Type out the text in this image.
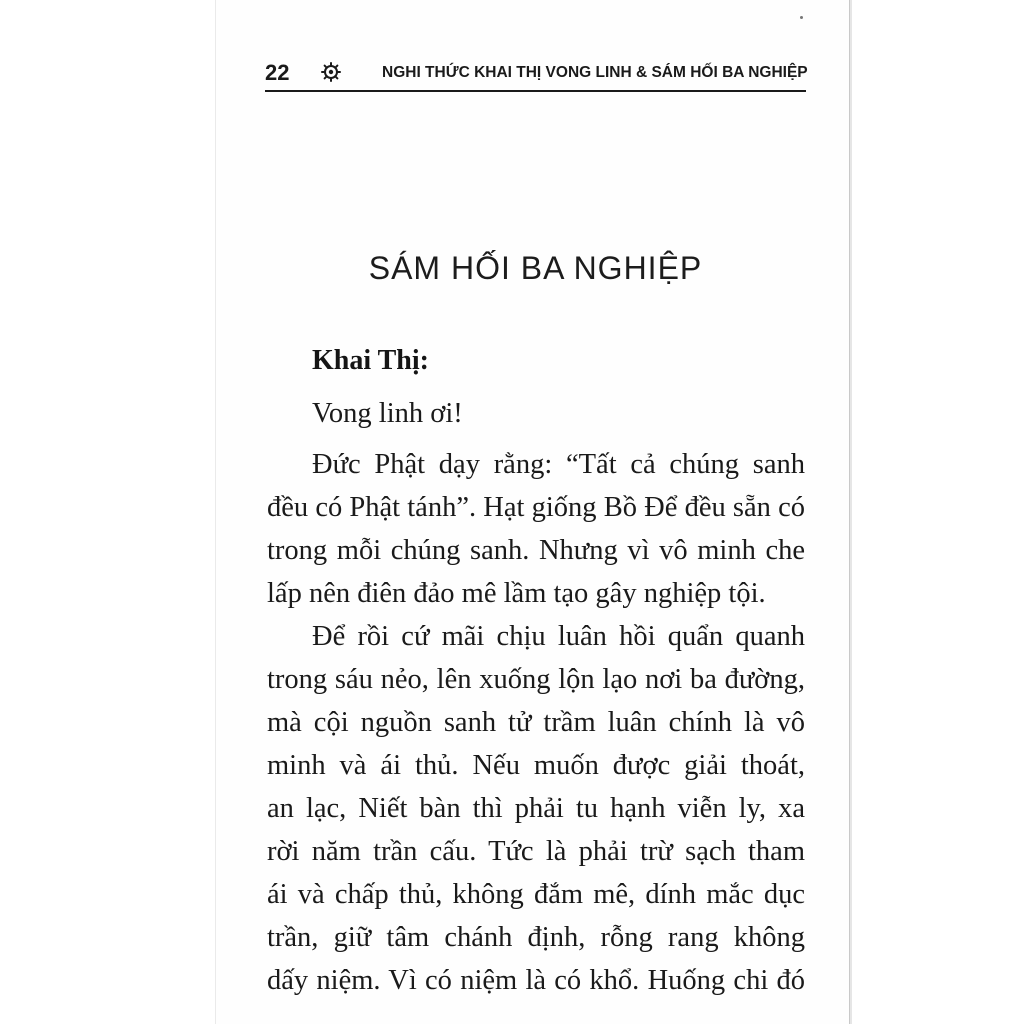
22	NGHI THỨC KHAI THỊ VONG LINH & SÁM HỐI BA NGHIỆP
SÁM HỐI BA NGHIỆP
Khai Thị:
Vong linh ơi!
Đức Phật dạy rằng: “Tất cả chúng sanh
đều có Phật tánh”. Hạt giống Bồ Để đều sẵn có
trong mỗi chúng sanh. Nhưng vì vô minh che
lấp nên điên đảo mê lầm tạo gây nghiệp tội.
Để rồi cứ mãi chịu luân hồi quẩn quanh
trong sáu nẻo, lên xuống lộn lạo nơi ba đường,
mà cội nguồn sanh tử trầm luân chính là vô
minh và ái thủ. Nếu muốn được giải thoát,
an lạc, Niết bàn thì phải tu hạnh viễn ly, xa
rời năm trần cấu. Tức là phải trừ sạch tham
ái và chấp thủ, không đắm mê, dính mắc dục
trần, giữ tâm chánh định, rỗng rang không
dấy niệm. Vì có niệm là có khổ. Huống chi đó
